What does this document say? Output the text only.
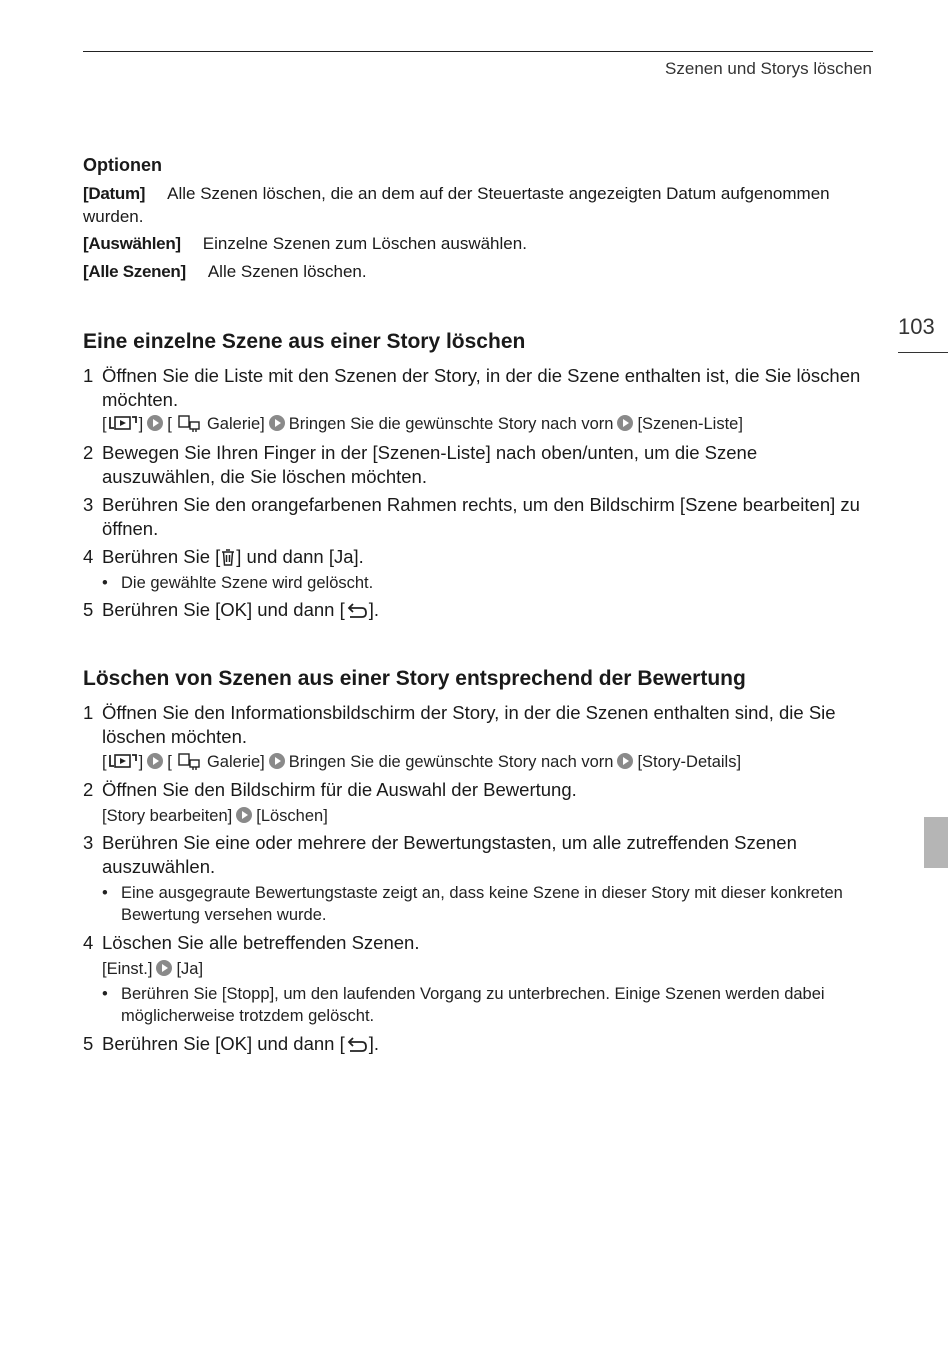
Szenen und Storys löschen
103
Optionen
[Datum] Alle Szenen löschen, die an dem auf der Steuertaste angezeigten Datum aufgenommen
wurden.
[Auswählen] Einzelne Szenen zum Löschen auswählen.
[Alle Szenen] Alle Szenen löschen.
Eine einzelne Szene aus einer Story löschen
1 Öffnen Sie die Liste mit den Szenen der Story, in der die Szene enthalten ist, die Sie löschen möchten.
[ ] [ Galerie] Bringen Sie die gewünschte Story nach vorn [Szenen-Liste]
2 Bewegen Sie Ihren Finger in der [Szenen-Liste] nach oben/unten, um die Szene auszuwählen, die Sie löschen möchten.
3 Berühren Sie den orangefarbenen Rahmen rechts, um den Bildschirm [Szene bearbeiten] zu öffnen.
4 Berühren Sie [ ] und dann [Ja].
• Die gewählte Szene wird gelöscht.
5 Berühren Sie [OK] und dann [ ].
Löschen von Szenen aus einer Story entsprechend der Bewertung
1 Öffnen Sie den Informationsbildschirm der Story, in der die Szenen enthalten sind, die Sie löschen möchten.
[ ] [ Galerie] Bringen Sie die gewünschte Story nach vorn [Story-Details]
2 Öffnen Sie den Bildschirm für die Auswahl der Bewertung.
[Story bearbeiten] [Löschen]
3 Berühren Sie eine oder mehrere der Bewertungstasten, um alle zutreffenden Szenen auszuwählen.
• Eine ausgegraute Bewertungstaste zeigt an, dass keine Szene in dieser Story mit dieser konkreten Bewertung versehen wurde.
4 Löschen Sie alle betreffenden Szenen.
[Einst.] [Ja]
• Berühren Sie [Stopp], um den laufenden Vorgang zu unterbrechen. Einige Szenen werden dabei möglicherweise trotzdem gelöscht.
5 Berühren Sie [OK] und dann [ ].
